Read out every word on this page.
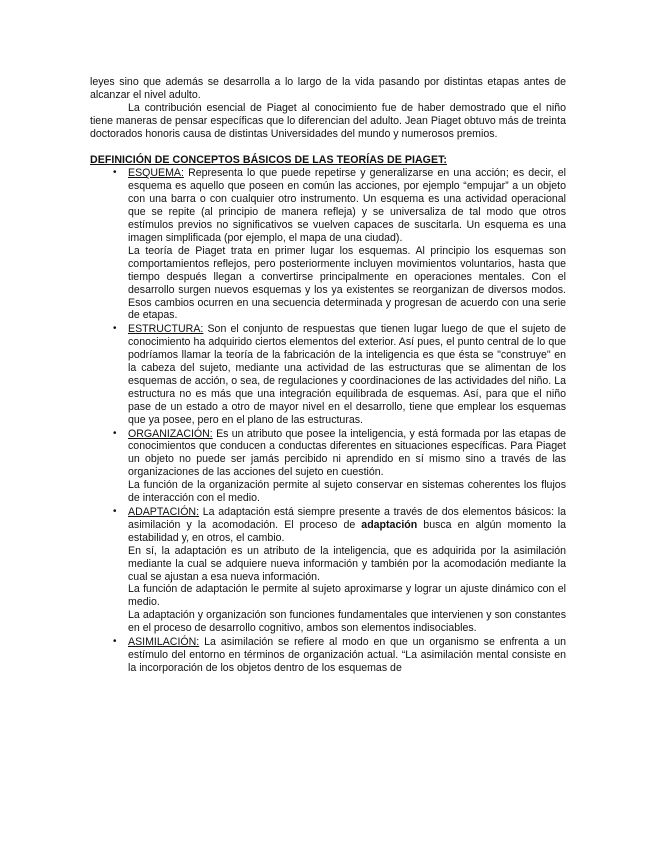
leyes sino que además se desarrolla a lo largo de la vida pasando por distintas etapas antes de alcanzar el nivel adulto.

La contribución esencial de Piaget al conocimiento fue de haber demostrado que el niño tiene maneras de pensar específicas que lo diferencian del adulto. Jean Piaget obtuvo más de treinta doctorados honoris causa de distintas Universidades del mundo y numerosos premios.

DEFINICIÓN DE CONCEPTOS BÁSICOS DE LAS TEORÍAS DE PIAGET:

• ESQUEMA: Representa lo que puede repetirse y generalizarse en una acción; es decir, el esquema es aquello que poseen en común las acciones, por ejemplo “empujar” a un objeto con una barra o con cualquier otro instrumento. Un esquema es una actividad operacional que se repite (al principio de manera refleja) y se universaliza de tal modo que otros estímulos previos no significativos se vuelven capaces de suscitarla. Un esquema es una imagen simplificada (por ejemplo, el mapa de una ciudad).

La teoría de Piaget trata en primer lugar los esquemas. Al principio los esquemas son comportamientos reflejos, pero posteriormente incluyen movimientos voluntarios, hasta que tiempo después llegan a convertirse principalmente en operaciones mentales. Con el desarrollo surgen nuevos esquemas y los ya existentes se reorganizan de diversos modos. Esos cambios ocurren en una secuencia determinada y progresan de acuerdo con una serie de etapas.

• ESTRUCTURA: Son el conjunto de respuestas que tienen lugar luego de que el sujeto de conocimiento ha adquirido ciertos elementos del exterior. Así pues, el punto central de lo que podríamos llamar la teoría de la fabricación de la inteligencia es que ésta se "construye" en la cabeza del sujeto, mediante una actividad de las estructuras que se alimentan de los esquemas de acción, o sea, de regulaciones y coordinaciones de las actividades del niño. La estructura no es más que una integración equilibrada de esquemas. Así, para que el niño pase de un estado a otro de mayor nivel en el desarrollo, tiene que emplear los esquemas que ya posee, pero en el plano de las estructuras.

• ORGANIZACIÓN: Es un atributo que posee la inteligencia, y está formada por las etapas de conocimientos que conducen a conductas diferentes en situaciones específicas. Para Piaget un objeto no puede ser jamás percibido ni aprendido en sí mismo sino a través de las organizaciones de las acciones del sujeto en cuestión.

La función de la organización permite al sujeto conservar en sistemas coherentes los flujos de interacción con el medio.

• ADAPTACIÓN: La adaptación está siempre presente a través de dos elementos básicos: la asimilación y la acomodación. El proceso de adaptación busca en algún momento la estabilidad y, en otros, el cambio.

En sí, la adaptación es un atributo de la inteligencia, que es adquirida por la asimilación mediante la cual se adquiere nueva información y también por la acomodación mediante la cual se ajustan a esa nueva información.

La función de adaptación le permite al sujeto aproximarse y lograr un ajuste dinámico con el medio.

La adaptación y organización son funciones fundamentales que intervienen y son constantes en el proceso de desarrollo cognitivo, ambos son elementos indisociables.

• ASIMILACIÓN: La asimilación se refiere al modo en que un organismo se enfrenta a un estímulo del entorno en términos de organización actual. “La asimilación mental consiste en la incorporación de los objetos dentro de los esquemas de
